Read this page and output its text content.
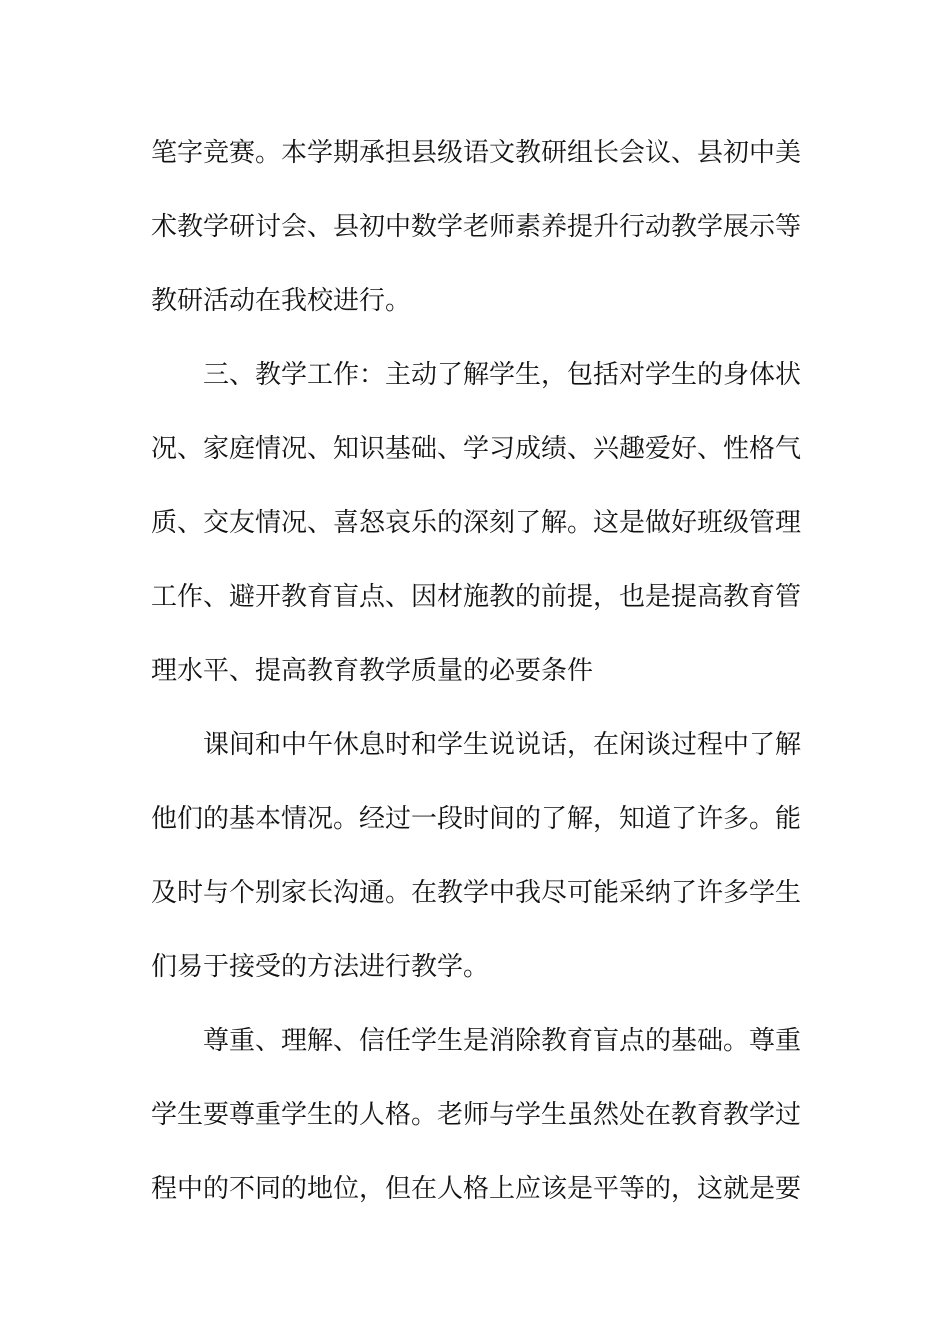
笔字竞赛。本学期承担县级语文教研组长会议、县初中美
术教学研讨会、县初中数学老师素养提升行动教学展示等
教研活动在我校进行。
三、教学工作：主动了解学生，包括对学生的身体状
况、家庭情况、知识基础、学习成绩、兴趣爱好、性格气
质、交友情况、喜怒哀乐的深刻了解。这是做好班级管理
工作、避开教育盲点、因材施教的前提，也是提高教育管
理水平、提高教育教学质量的必要条件
课间和中午休息时和学生说说话，在闲谈过程中了解
他们的基本情况。经过一段时间的了解，知道了许多。能
及时与个别家长沟通。在教学中我尽可能采纳了许多学生
们易于接受的方法进行教学。
尊重、理解、信任学生是消除教育盲点的基础。尊重
学生要尊重学生的人格。老师与学生虽然处在教育教学过
程中的不同的地位，但在人格上应该是平等的，这就是要
